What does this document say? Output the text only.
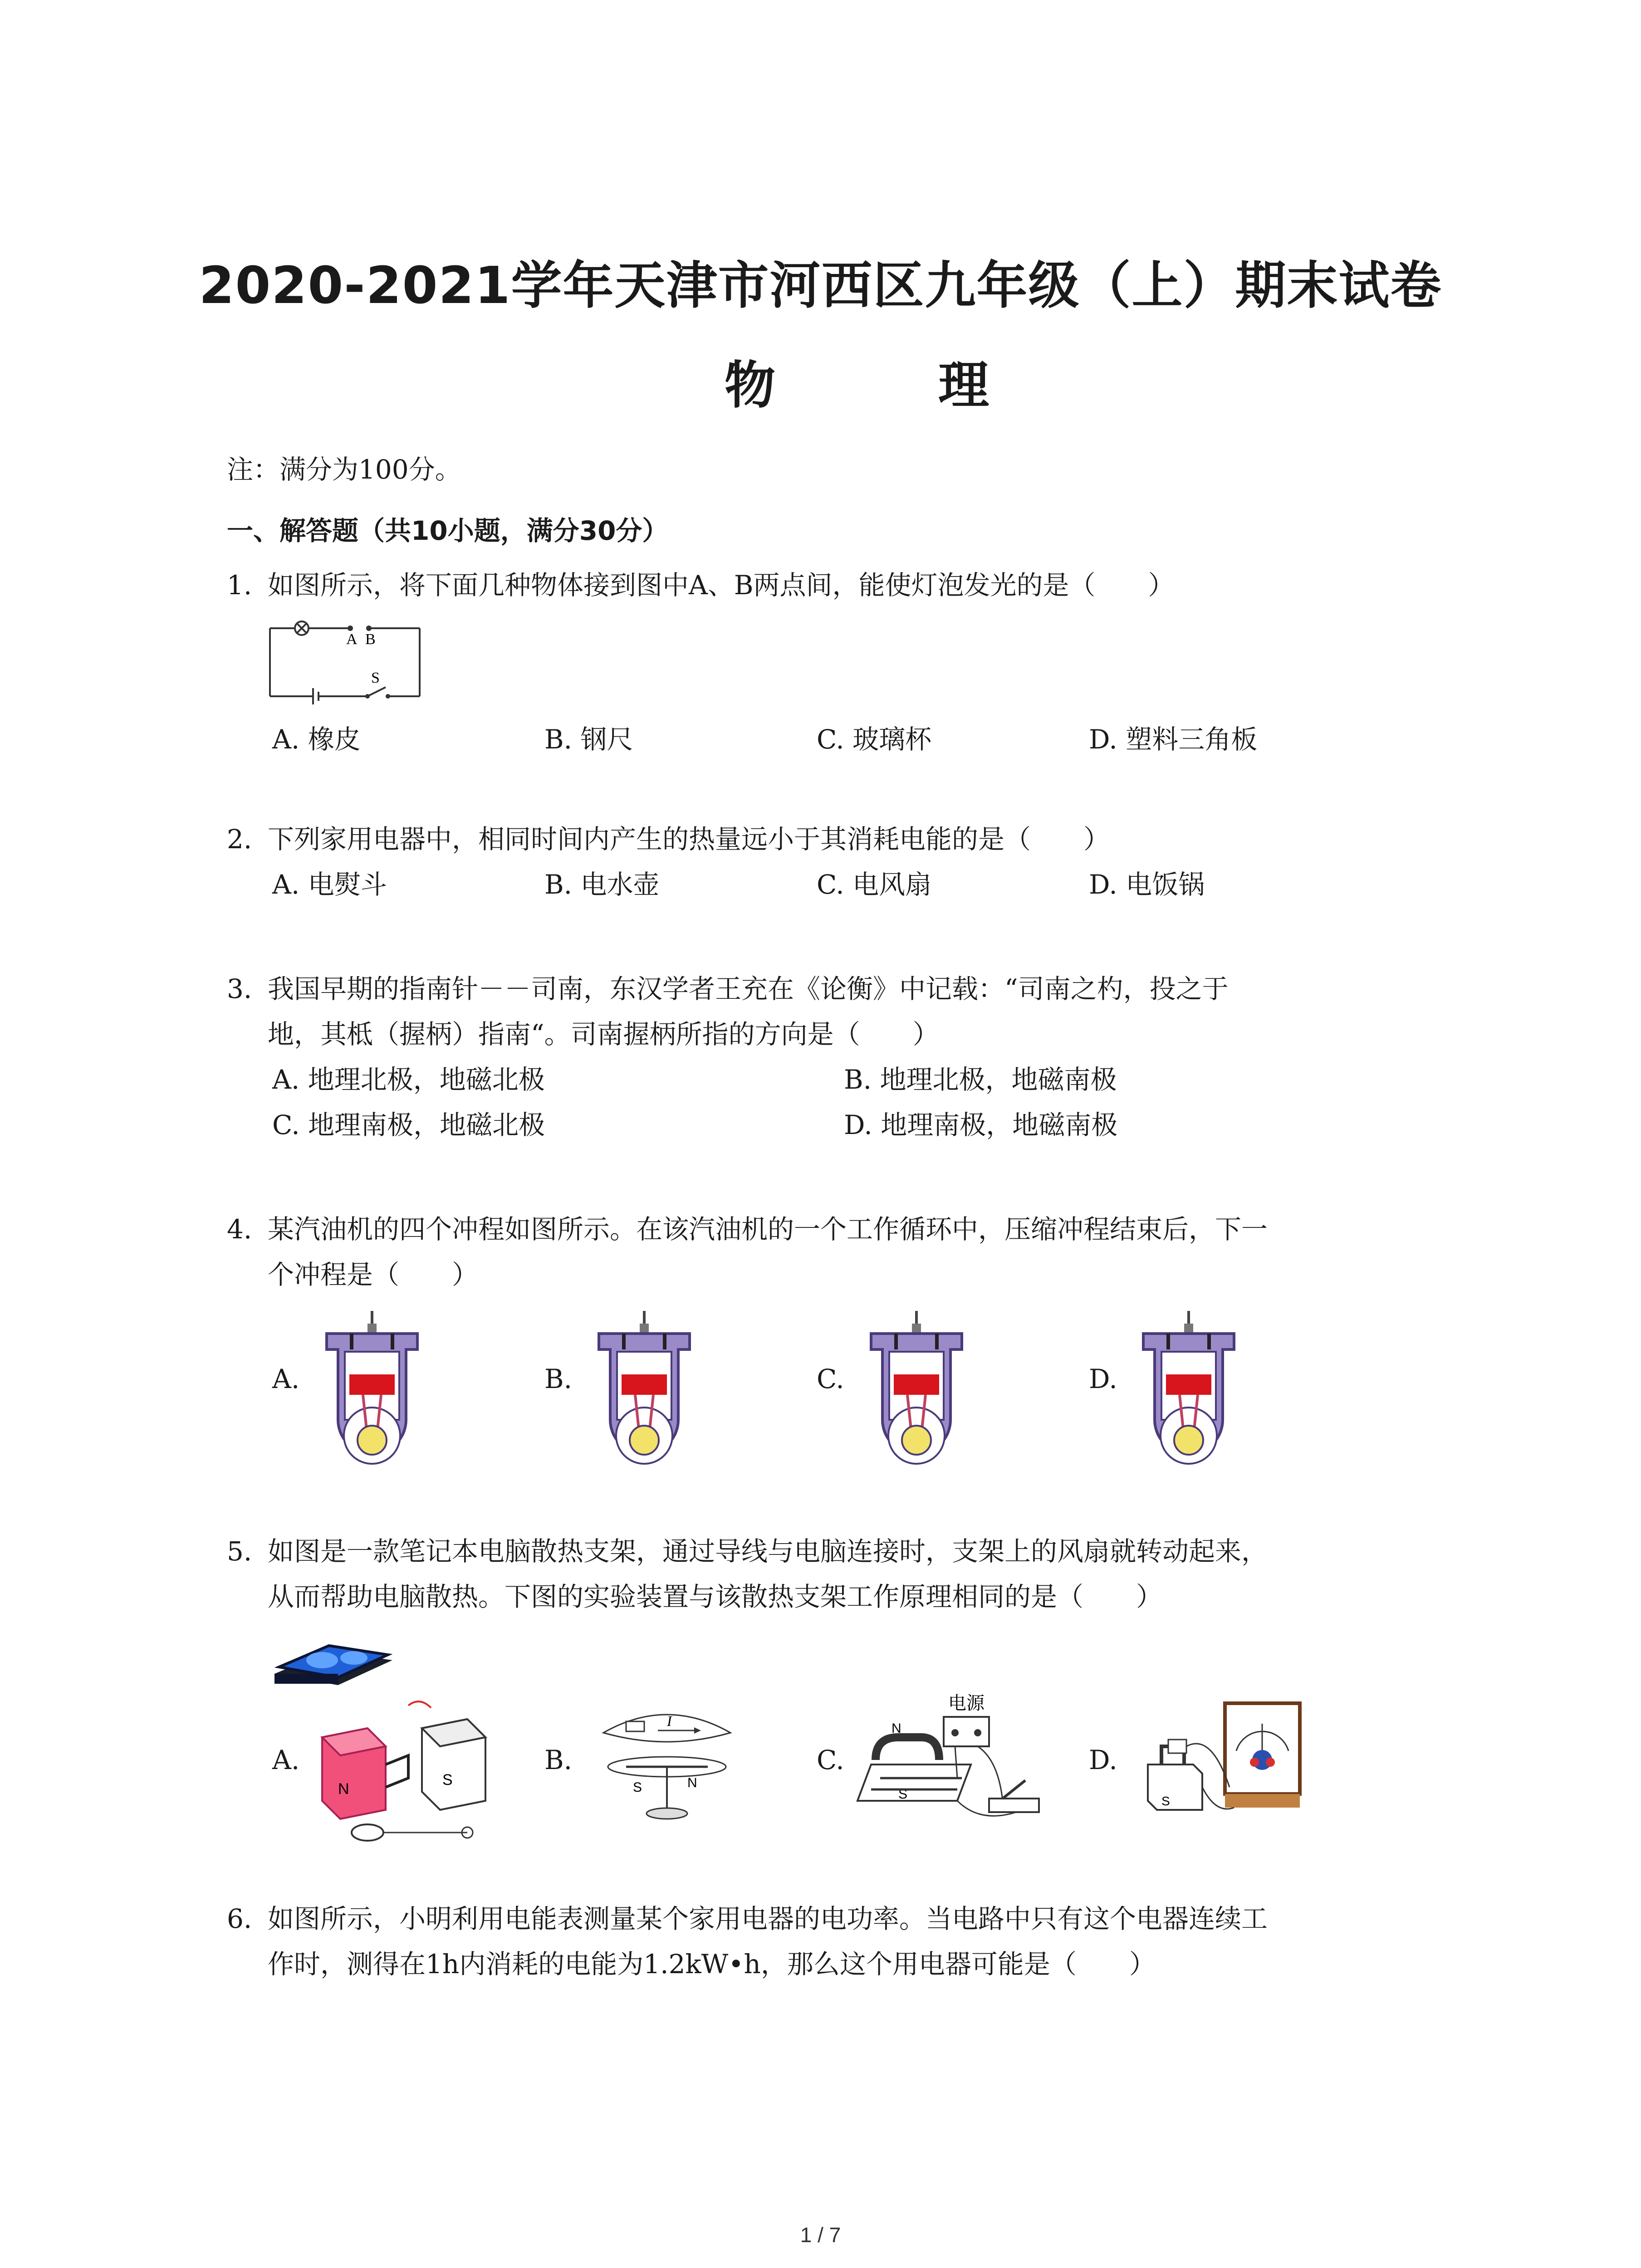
2020-2021学年天津市河西区九年级（上）期末试卷
物 理
注：满分为100分。
一、解答题（共10小题，满分30分）
1. 如图所示，将下面几种物体接到图中A、B两点间，能使灯泡发光的是（　　）
A B
S
A. 橡皮	B. 钢尺	C. 玻璃杯	D. 塑料三角板
2. 下列家用电器中，相同时间内产生的热量远小于其消耗电能的是（　　）
A. 电熨斗	B. 电水壶	C. 电风扇	D. 电饭锅
3. 我国早期的指南针－－司南，东汉学者王充在《论衡》中记载：“司南之杓，投之于
地，其柢（握柄）指南“。司南握柄所指的方向是（　　）
A. 地理北极，地磁北极	B. 地理北极，地磁南极
C. 地理南极，地磁北极	D. 地理南极，地磁南极
4. 某汽油机的四个冲程如图所示。在该汽油机的一个工作循环中，压缩冲程结束后，下一
个冲程是（　　）
A.	B.	C.	D.
5. 如图是一款笔记本电脑散热支架，通过导线与电脑连接时，支架上的风扇就转动起来，
从而帮助电脑散热。下图的实验装置与该散热支架工作原理相同的是（　　）
A.	B.	C.	D.
N
S
I
S	N
电源
N
S	S
6. 如图所示，小明利用电能表测量某个家用电器的电功率。当电路中只有这个电器连续工
作时，测得在1h内消耗的电能为1.2kW•h，那么这个用电器可能是（　　）
1 / 7
